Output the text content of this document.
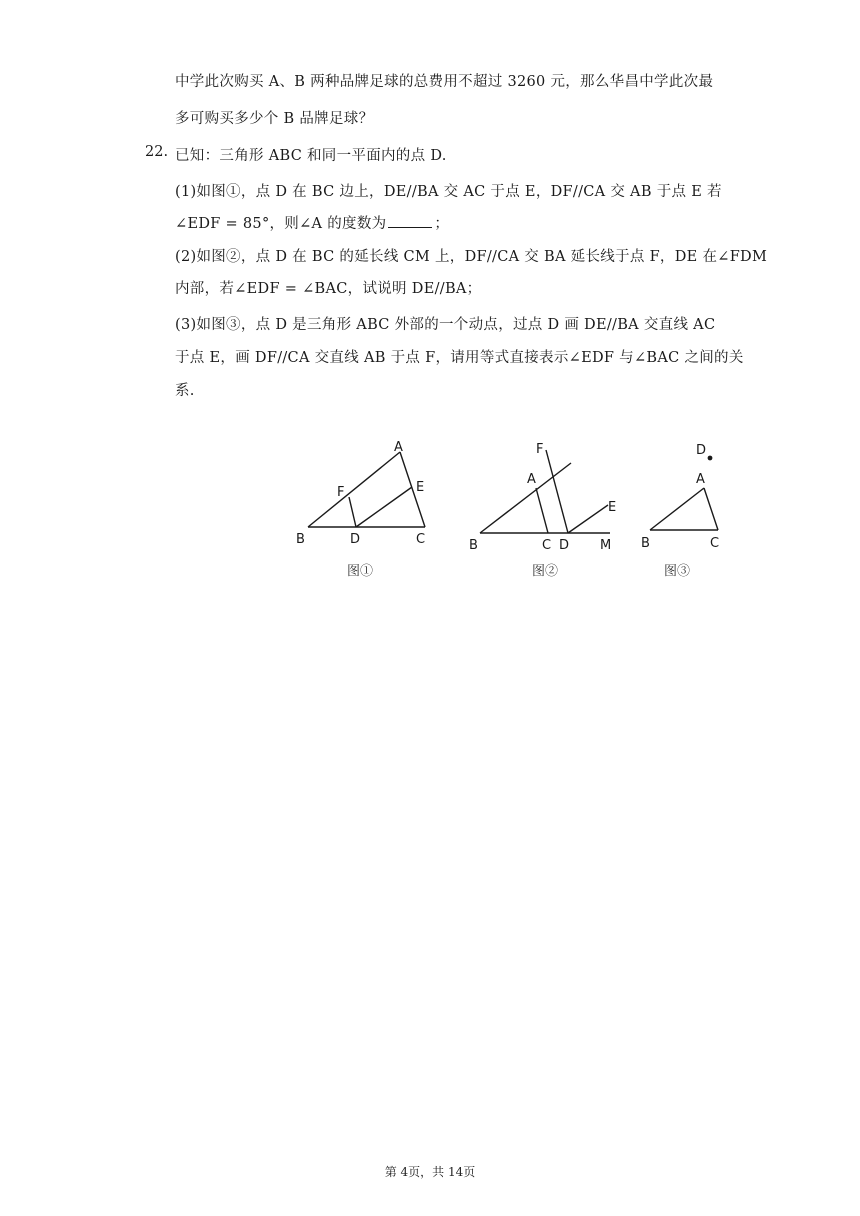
中学此次购买 A、B 两种品牌足球的总费用不超过 3260 元，那么华昌中学此次最
多可购买多少个 B 品牌足球？
22. 已知：三角形 ABC 和同一平面内的点 D.
(1)如图①，点 D 在 BC 边上，DE//BA 交 AC 于点 E，DF//CA 交 AB 于点 E 若
∠EDF = 85°，则∠A 的度数为	；
(2)如图②，点 D 在 BC 的延长线 CM 上，DF//CA 交 BA 延长线于点 F，DE 在∠FDM
内部，若∠EDF = ∠BAC，试说明 DE//BA；
(3)如图③，点 D 是三角形 ABC 外部的一个动点，过点 D 画 DE//BA 交直线 AC
于点 E，画 DF//CA 交直线 AB 于点 F，请用等式直接表示∠EDF 与∠BAC 之间的关
系.
A
B	C
D
E
F
图①
F
A
B	C D
E
M
图②
D
A
B	C
图③
第 4页，共 14页
